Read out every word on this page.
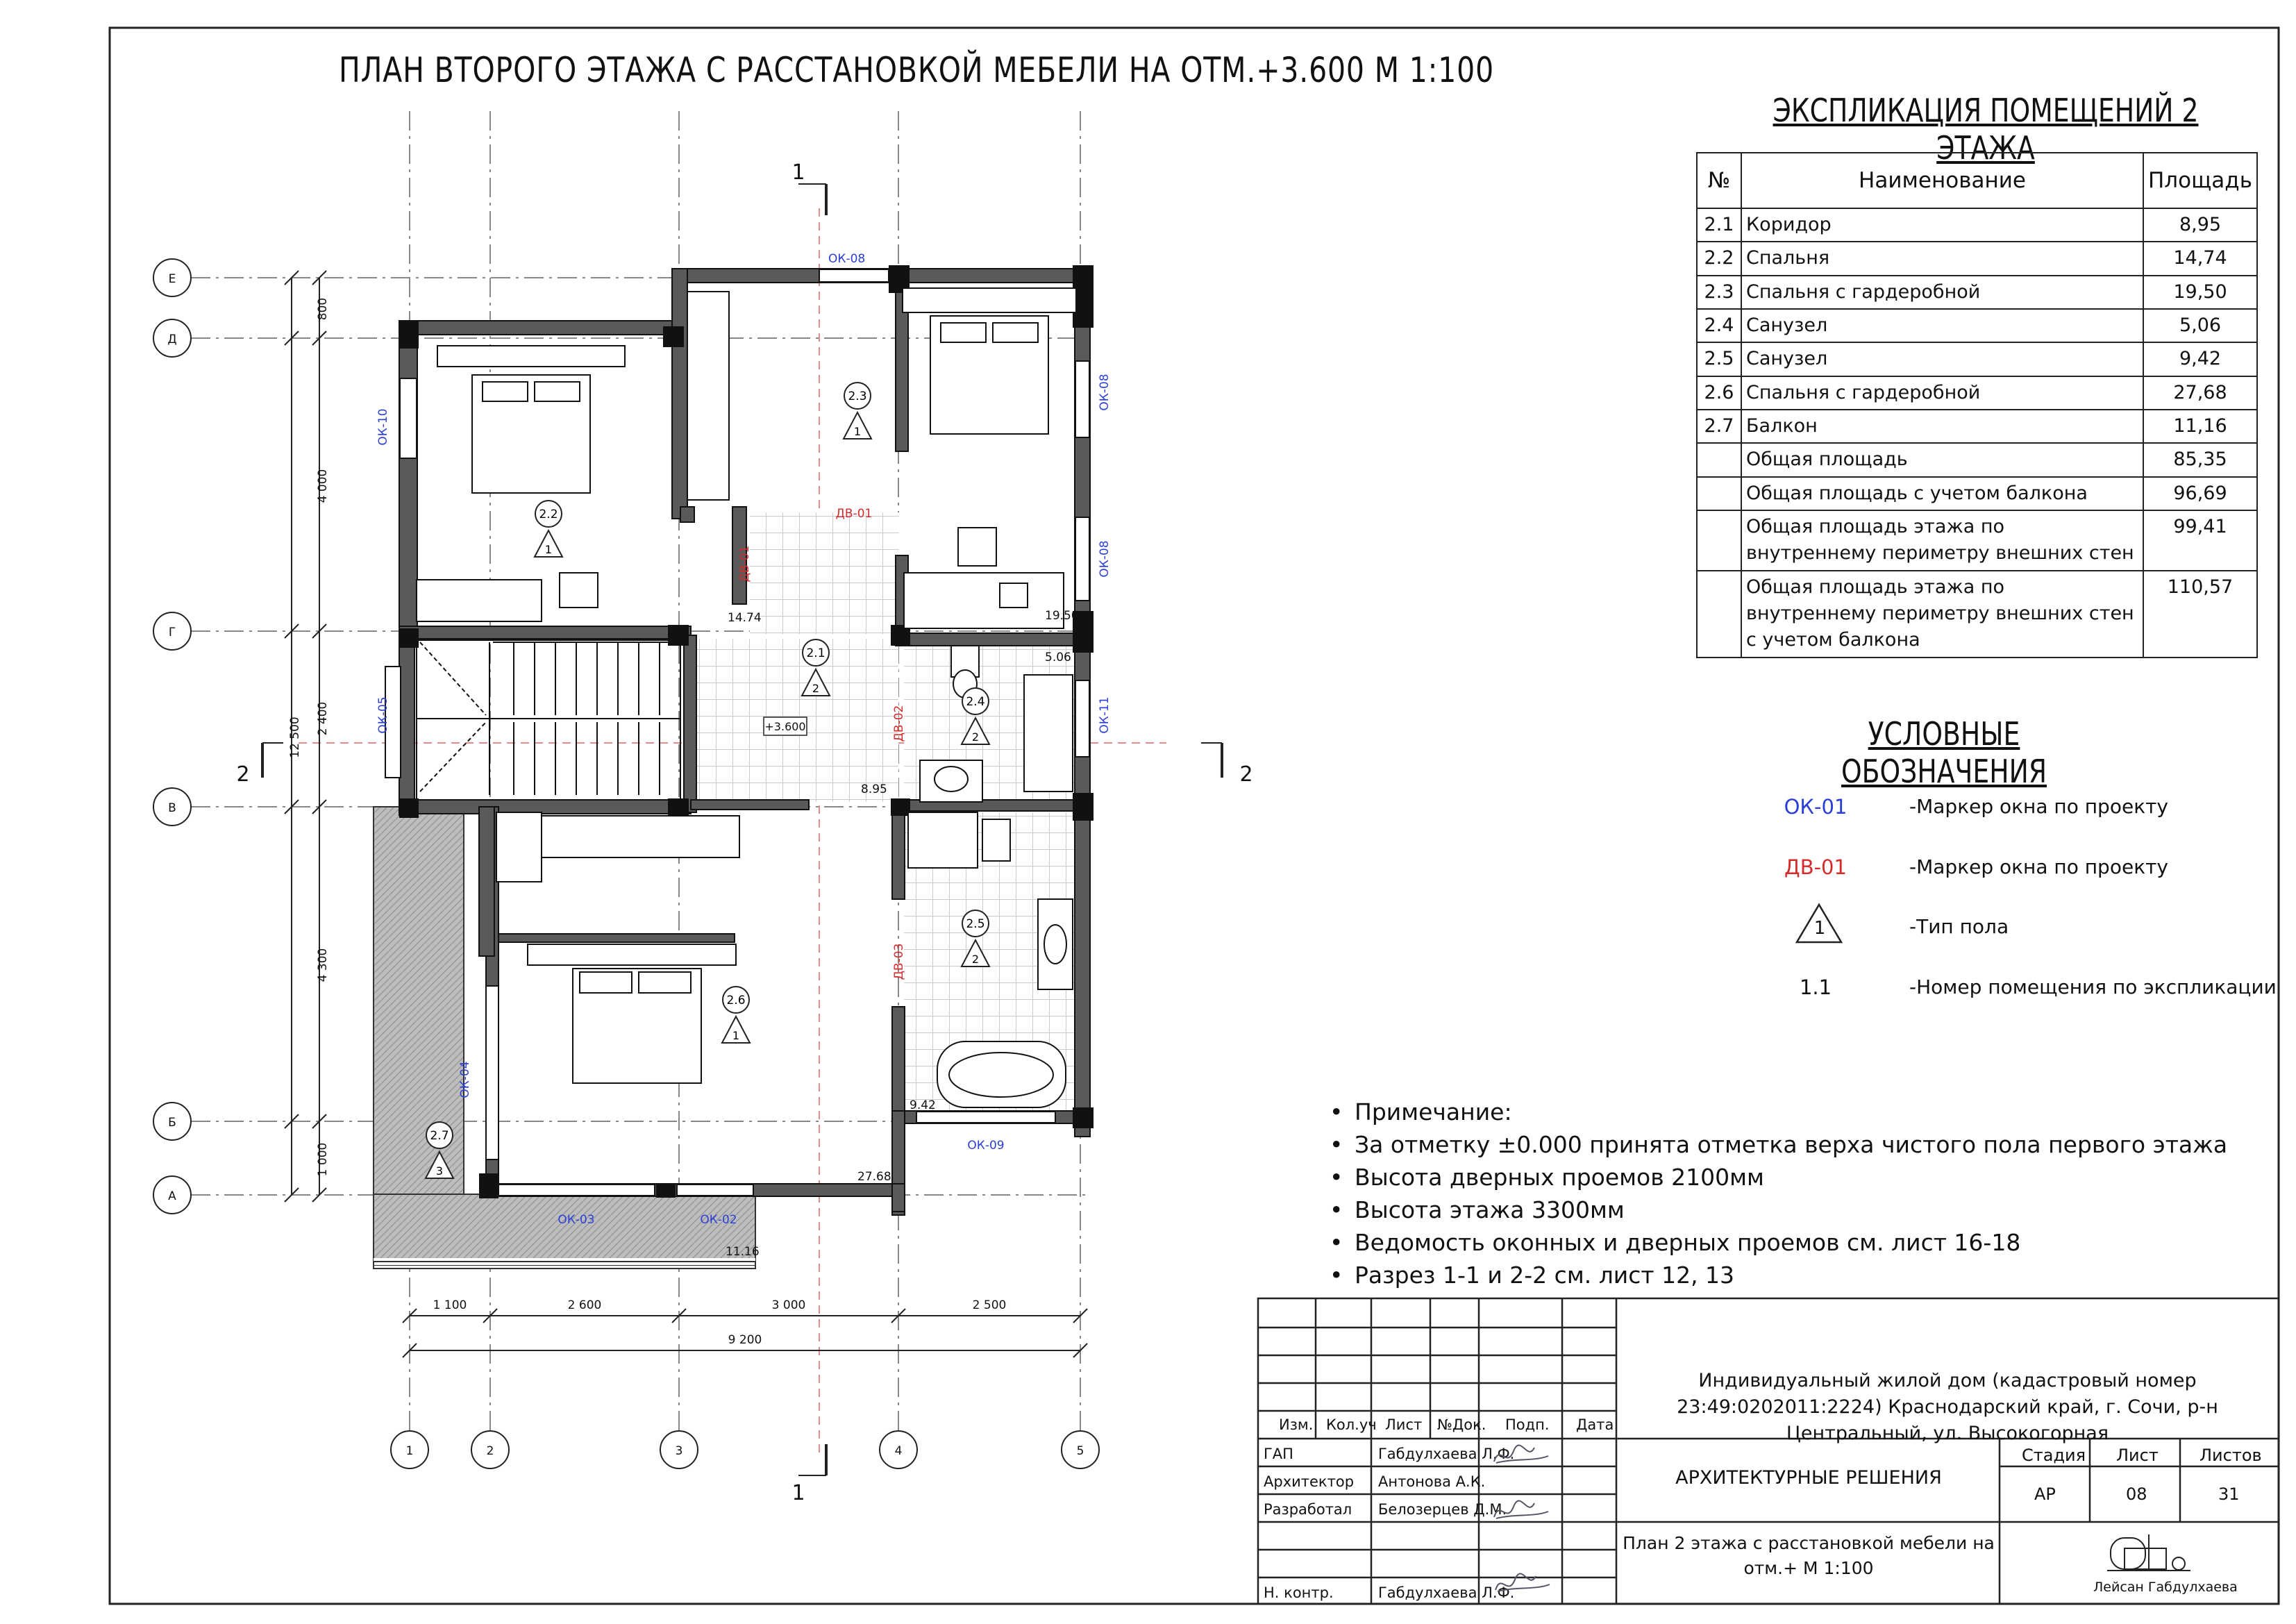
ПЛАН ВТОРОГО ЭТАЖА С РАССТАНОВКОЙ МЕБЕЛИ НА ОТМ.+3.600 М 1:100
2.1
2
2.2
1
2.3
1
2.4
2
2.5
2
2.6
1
2.7
3
Е
Д
Г
В
Б
А
1	2	3	4	5
1 100	2 600	3 000	2 500
9 200
800
4 000
2 400
4 300
1 000
12 500
1
1
2	2
+3.600
14.74	19.50
5.06
8.95
9.42
27.68
11.16
ОК-08
ОК-08
ОК-08
ОК-10
ОК-05	ОК-11
ОК-04
ОК-09
ОК-03	ОК-02
ДВ-01
ДВ-01
ДВ-02
ДВ-03
ЭКСПЛИКАЦИЯ ПОМЕЩЕНИЙ 2 ЭТАЖА
№	Наименование	Площадь
2.1	Коридор	8,95
2.2	Спальня	14,74
2.3	Спальня с гардеробной	19,50
2.4	Санузел	5,06
2.5	Санузел	9,42
2.6	Спальня с гардеробной	27,68
2.7	Балкон	11,16
	Общая площадь	85,35
	Общая площадь с учетом балкона	96,69
	Общая площадь этажа по внутреннему периметру внешних стен	99,41
	Общая площадь этажа по внутреннему периметру внешних стен с учетом балкона	110,57
УСЛОВНЫЕ ОБОЗНАЧЕНИЯ
ОК-01	-Маркер окна по проекту
ДВ-01	-Маркер окна по проекту
1	-Тип пола
1.1	-Номер помещения по экспликации
• Примечание:
• За отметку ±0.000 принята отметка верха чистого пола первого этажа
• Высота дверных проемов 2100мм
• Высота этажа 3300мм
• Ведомость оконных и дверных проемов см. лист 16-18
• Разрез 1-1 и 2-2 см. лист 12, 13
Индивидуальный жилой дом (кадастровый номер 23:49:0202011:2224) Краснодарский край, г. Сочи, р-н Центральный, ул. Высокогорная
АРХИТЕКТУРНЫЕ РЕШЕНИЯ
План 2 этажа с расстановкой мебели на отм.+ М 1:100
Изм. Кол.уч Лист №Док. Подп. Дата
ГАП	Габдулхаева Л.Ф.
Архитектор Антонова А.К.
Разработал Белозерцев Д.М.
Н. контр.	Габдулхаева Л.Ф.
Стадия Лист Листов
АР	08	31
Лейсан Габдулхаева
